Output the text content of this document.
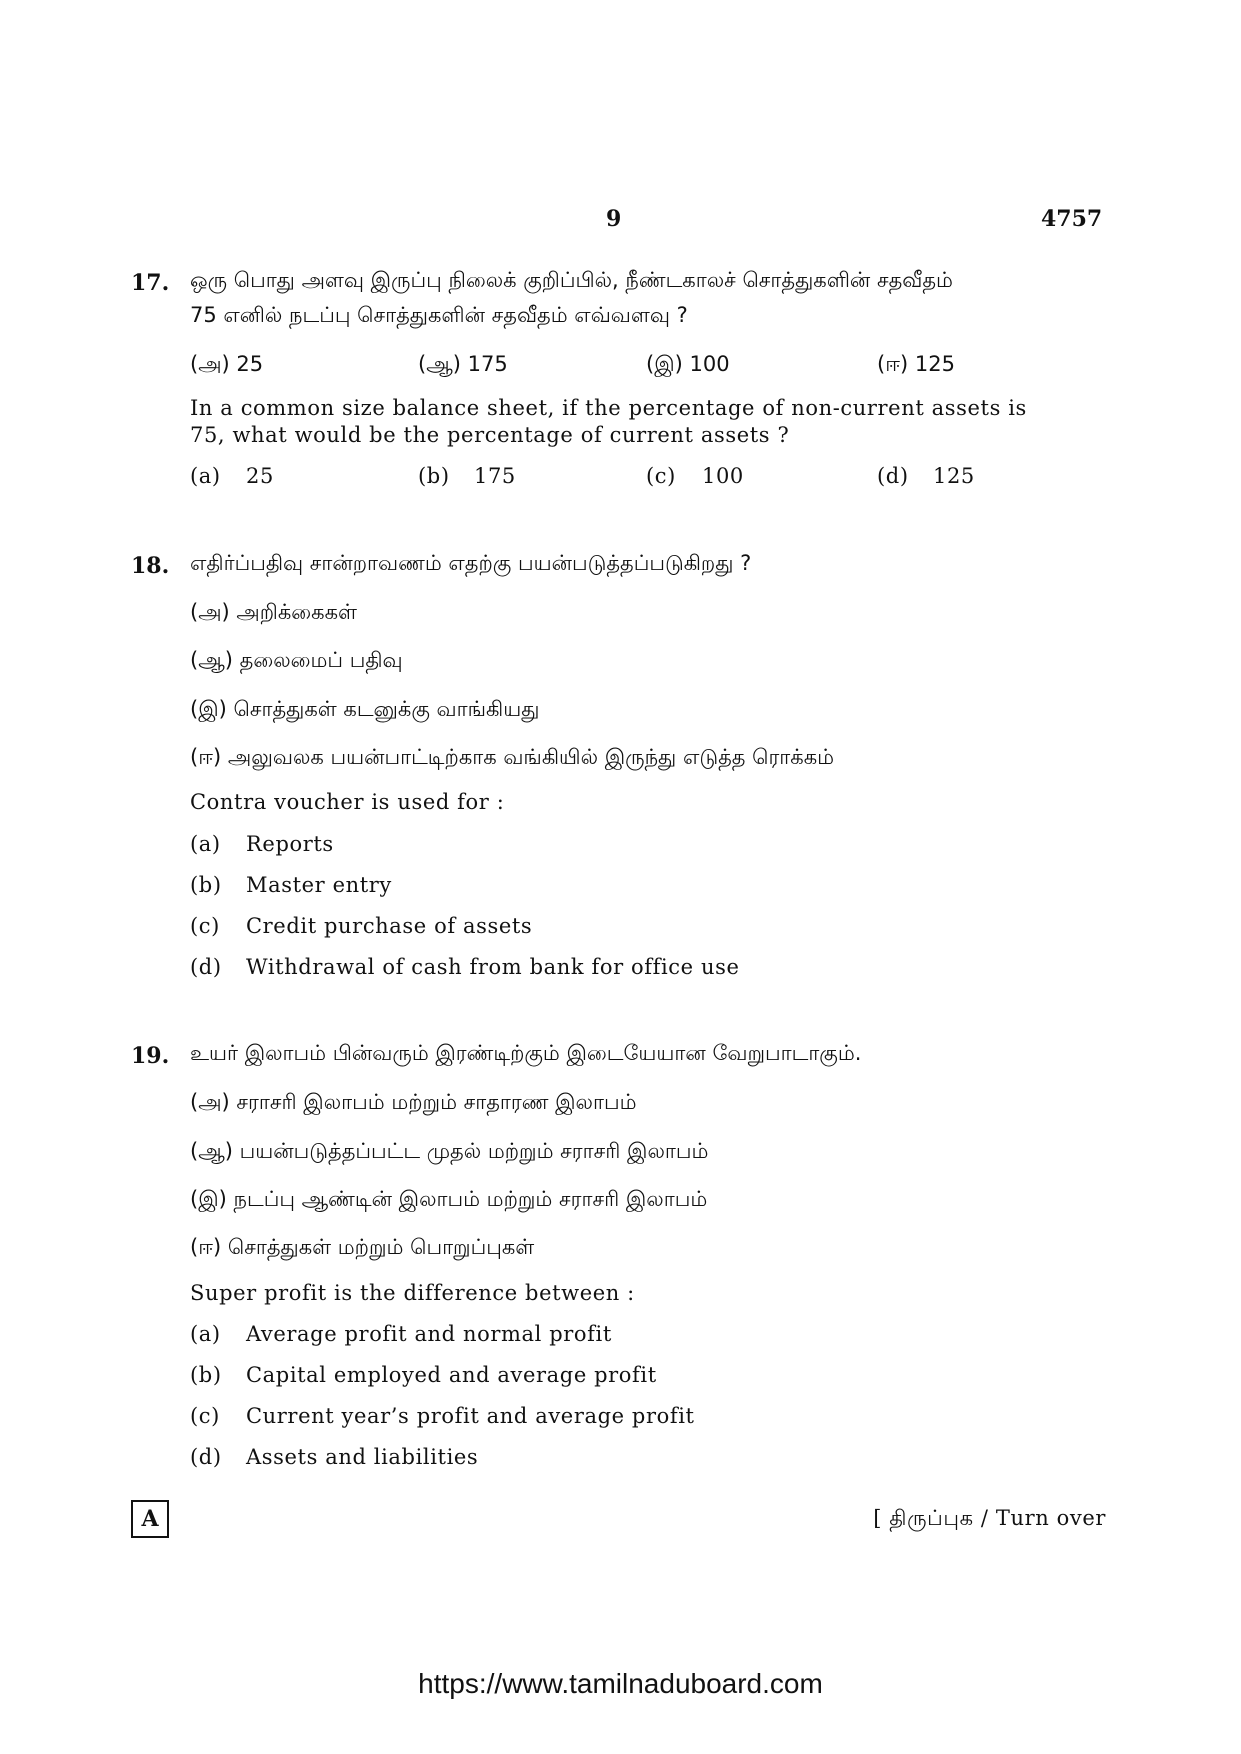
9	4757
17. ஒரு பொது அளவு இருப்பு நிலைக் குறிப்பில், நீண்டகாலச் சொத்துகளின் சதவீதம்
75 எனில் நடப்பு சொத்துகளின் சதவீதம் எவ்வளவு ?
(அ) 25	(ஆ) 175	(இ) 100	(ஈ) 125
In a common size balance sheet, if the percentage of non-current assets is
75, what would be the percentage of current assets ?
(a) 25	(b) 175	(c) 100	(d) 125
18. எதிர்ப்பதிவு சான்றாவணம் எதற்கு பயன்படுத்தப்படுகிறது ?
(அ) அறிக்கைகள்
(ஆ) தலைமைப் பதிவு
(இ) சொத்துகள் கடனுக்கு வாங்கியது
(ஈ) அலுவலக பயன்பாட்டிற்காக வங்கியில் இருந்து எடுத்த ரொக்கம்
Contra voucher is used for :
(a) Reports
(b) Master entry
(c) Credit purchase of assets
(d) Withdrawal of cash from bank for office use
19. உயர் இலாபம் பின்வரும் இரண்டிற்கும் இடையேயான வேறுபாடாகும்.
(அ) சராசரி இலாபம் மற்றும் சாதாரண இலாபம்
(ஆ) பயன்படுத்தப்பட்ட முதல் மற்றும் சராசரி இலாபம்
(இ) நடப்பு ஆண்டின் இலாபம் மற்றும் சராசரி இலாபம்
(ஈ) சொத்துகள் மற்றும் பொறுப்புகள்
Super profit is the difference between :
(a) Average profit and normal profit
(b) Capital employed and average profit
(c) Current year’s profit and average profit
(d) Assets and liabilities
A	[ திருப்புக / Turn over
https://www.tamilnaduboard.com
